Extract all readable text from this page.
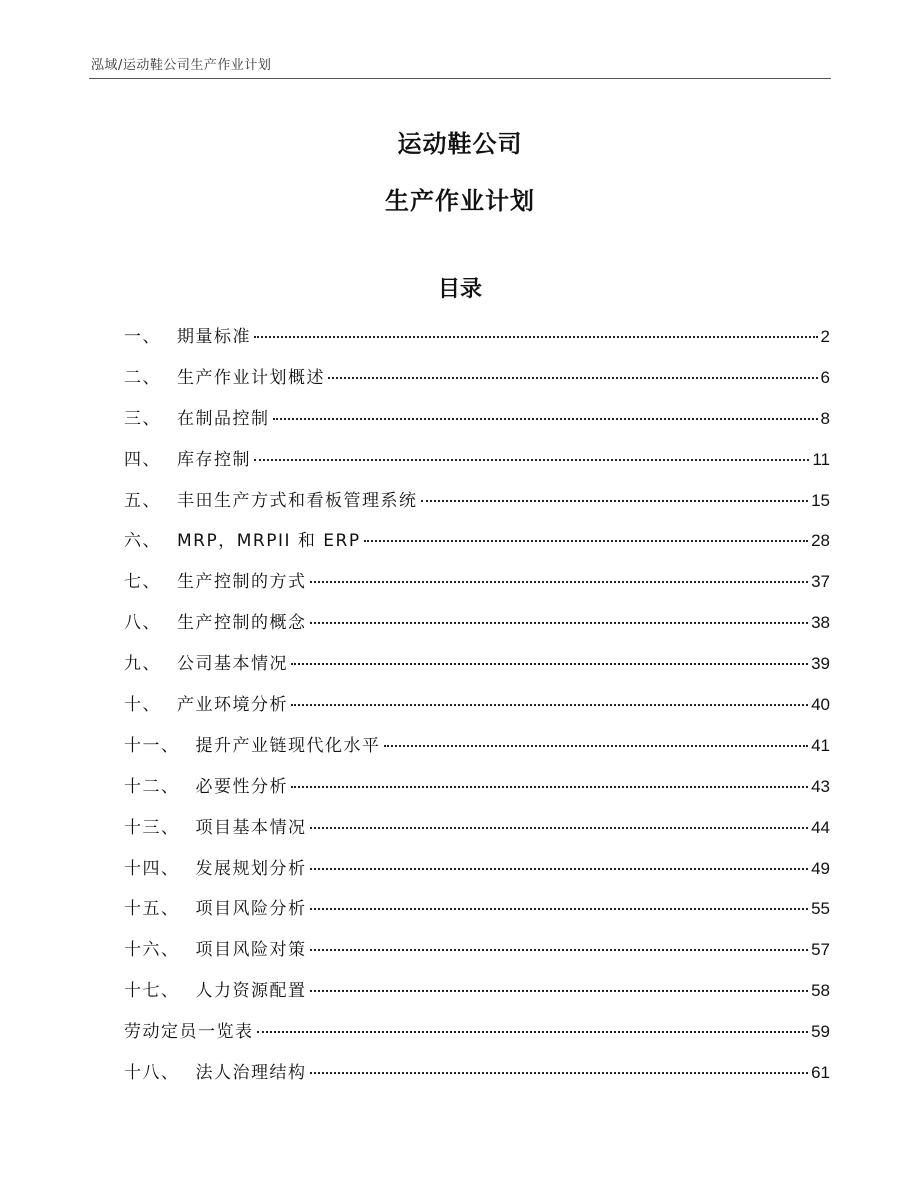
泓域/运动鞋公司生产作业计划
运动鞋公司
生产作业计划
目录
一、 期量标准	2
二、 生产作业计划概述	6
三、 在制品控制	8
四、 库存控制	11
五、 丰田生产方式和看板管理系统	15
六、 MRP，MRPII 和 ERP	28
七、 生产控制的方式	37
八、 生产控制的概念	38
九、 公司基本情况	39
十、 产业环境分析	40
十一、 提升产业链现代化水平	41
十二、 必要性分析	43
十三、 项目基本情况	44
十四、 发展规划分析	49
十五、 项目风险分析	55
十六、 项目风险对策	57
十七、 人力资源配置	58
劳动定员一览表	59
十八、 法人治理结构	61
